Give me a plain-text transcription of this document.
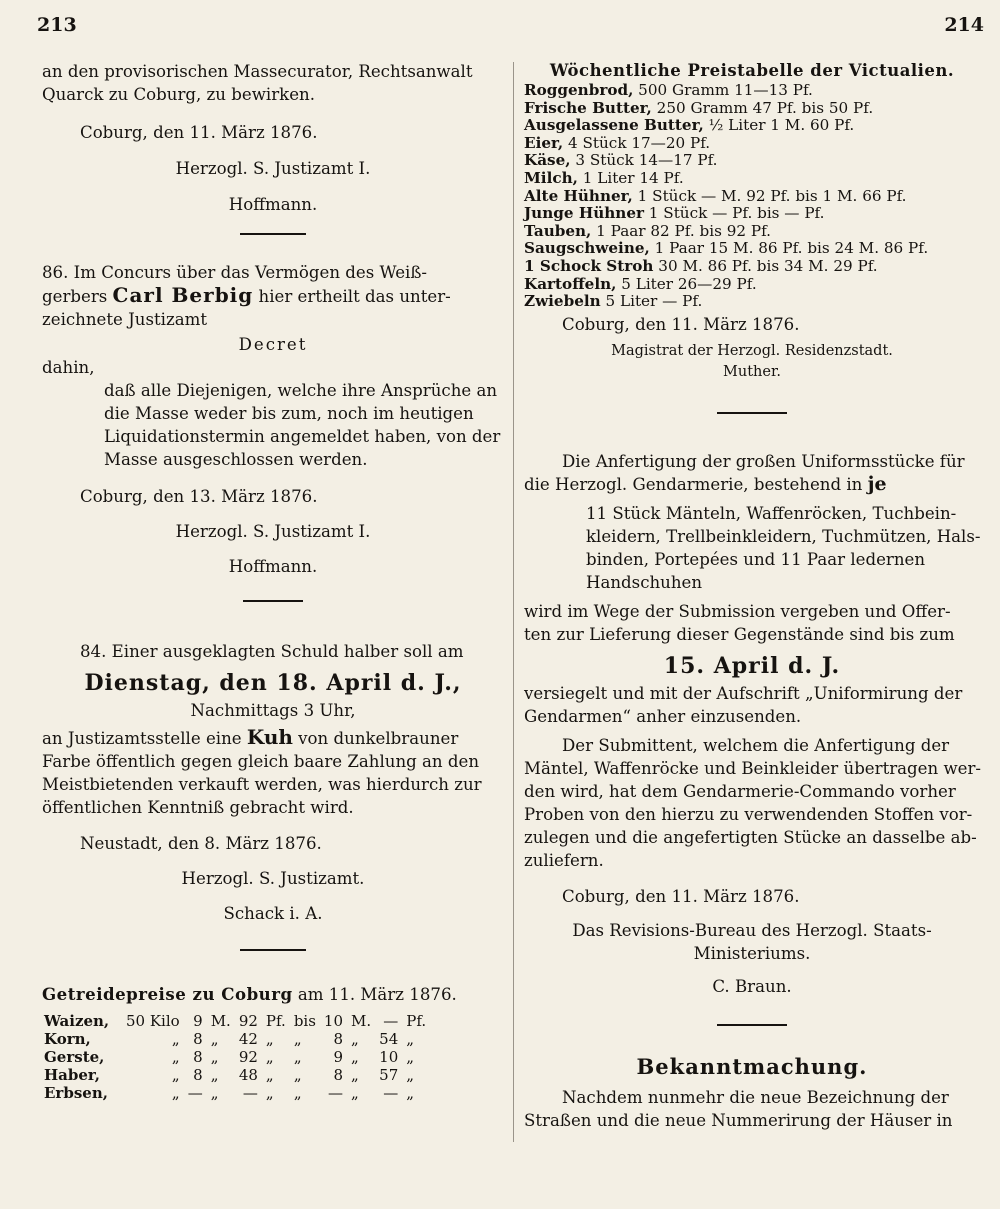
213	214

an den provisorischen Massecurator, Rechtsanwalt

Quarck zu Coburg, zu bewirken.

Coburg, den 11. März 1876.

Herzogl. S. Justizamt I.

Hoffmann.

86. Im Concurs über das Vermögen des Weiß-

gerbers Carl Berbig hier ertheilt das unter-

zeichnete Justizamt

Decret

dahin,

daß alle Diejenigen, welche ihre Ansprüche an

die Masse weder bis zum, noch im heutigen

Liquidationstermin angemeldet haben, von der

Masse ausgeschlossen werden.

Coburg, den 13. März 1876.

Herzogl. S. Justizamt I.

Hoffmann.

84. Einer ausgeklagten Schuld halber soll am

Dienstag, den 18. April d. J.,

Nachmittags 3 Uhr,

an Justizamtsstelle eine Kuh von dunkelbrauner

Farbe öffentlich gegen gleich baare Zahlung an den

Meistbietenden verkauft werden, was hierdurch zur

öffentlichen Kenntniß gebracht wird.

Neustadt, den 8. März 1876.

Herzogl. S. Justizamt.

Schack i. A.

Getreidepreise zu Coburg am 11. März 1876.

Waizen,	50 Kilo	9	M.	92	Pf.	bis	10	M.	—	Pf.
Korn,	„	8	„	42	„	„	8	„	54	„
Gerste,	„	8	„	92	„	„	9	„	10	„
Haber,	„	8	„	48	„	„	8	„	57	„
Erbsen,	„	—	„	—	„	„	—	„	—	„

Wöchentliche Preistabelle der Victualien.

Roggenbrod, 500 Gramm 11—13 Pf.

Frische Butter, 250 Gramm 47 Pf. bis 50 Pf.

Ausgelassene Butter, ½ Liter 1 M. 60 Pf.

Eier, 4 Stück 17—20 Pf.

Käse, 3 Stück 14—17 Pf.

Milch, 1 Liter 14 Pf.

Alte Hühner, 1 Stück — M. 92 Pf. bis 1 M. 66 Pf.

Junge Hühner 1 Stück — Pf. bis — Pf.

Tauben, 1 Paar 82 Pf. bis 92 Pf.

Saugschweine, 1 Paar 15 M. 86 Pf. bis 24 M. 86 Pf.

1 Schock Stroh 30 M. 86 Pf. bis 34 M. 29 Pf.

Kartoffeln, 5 Liter 26—29 Pf.

Zwiebeln 5 Liter — Pf.

Coburg, den 11. März 1876.

Magistrat der Herzogl. Residenzstadt.

Muther.

Die Anfertigung der großen Uniformsstücke für

die Herzogl. Gendarmerie, bestehend in je

11 Stück Mänteln, Waffenröcken, Tuchbein-

kleidern, Trellbeinkleidern, Tuchmützen, Hals-

binden, Portepées und 11 Paar ledernen

Handschuhen

wird im Wege der Submission vergeben und Offer-

ten zur Lieferung dieser Gegenstände sind bis zum

15. April d. J.

versiegelt und mit der Aufschrift „Uniformirung der

Gendarmen“ anher einzusenden.

Der Submittent, welchem die Anfertigung der

Mäntel, Waffenröcke und Beinkleider übertragen wer-

den wird, hat dem Gendarmerie-Commando vorher

Proben von den hierzu zu verwendenden Stoffen vor-

zulegen und die angefertigten Stücke an dasselbe ab-

zuliefern.

Coburg, den 11. März 1876.

Das Revisions-Bureau des Herzogl. Staats-

Ministeriums.

C. Braun.

Bekanntmachung.

Nachdem nunmehr die neue Bezeichnung der

Straßen und die neue Nummerirung der Häuser in
